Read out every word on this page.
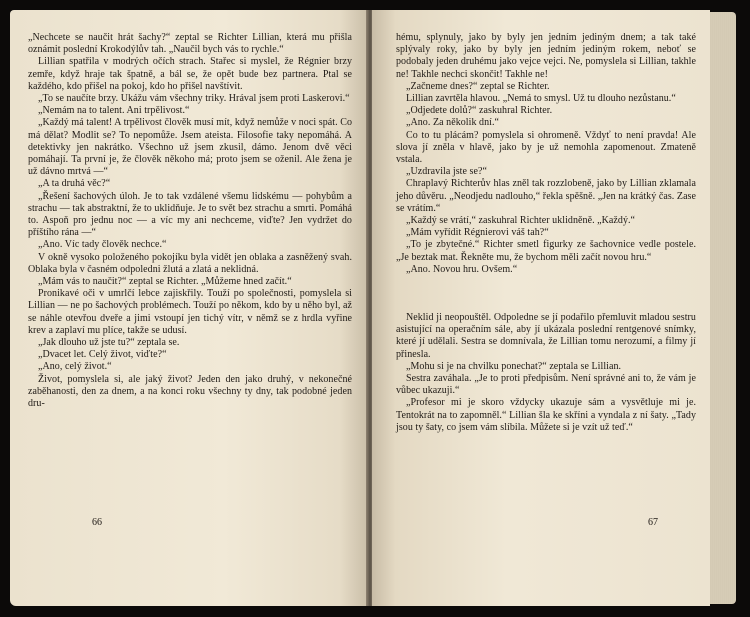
„Nechcete se naučit hrát šachy?“ zeptal se Richter Lillian, která mu přišla oznámit poslední Krokodýlův tah. „Naučil bych vás to rychle.“

Lillian spatřila v modrých očích strach. Stařec si myslel, že Régnier brzy zemře, když hraje tak špatně, a bál se, že opět bude bez partnera. Ptal se každého, kdo přišel na pokoj, kdo ho přišel navštívit.

„To se naučíte brzy. Ukážu vám všechny triky. Hrával jsem proti Laskerovi.“

„Nemám na to talent. Ani trpělivost.“

„Každý má talent! A trpělivost člověk musí mít, když nemůže v noci spát. Co má dělat? Modlit se? To nepomůže. Jsem ateista. Filosofie taky nepomáhá. A detektivky jen nakrátko. Všechno už jsem zkusil, dámo. Jenom dvě věci pomáhají. Ta první je, že člověk někoho má; proto jsem se oženil. Ale žena je už dávno mrtvá —“

„A ta druhá věc?“

„Řešení šachových úloh. Je to tak vzdálené všemu lidskému — pohybům a strachu — tak abstraktní, že to uklidňuje. Je to svět bez strachu a smrti. Pomáhá to. Aspoň pro jednu noc — a víc my ani nechceme, viďte? Jen vydržet do příštího rána —“

„Ano. Víc tady člověk nechce.“

V okně vysoko položeného pokojíku byla vidět jen oblaka a zasněžený svah. Oblaka byla v časném odpoledni žlutá a zlatá a neklidná.

„Mám vás to naučit?“ zeptal se Richter. „Můžeme hned začít.“

Pronikavé oči v umrlčí lebce zajiskřily. Touží po společnosti, pomyslela si Lillian — ne po šachových problémech. Touží po někom, kdo by u něho byl, až se náhle otevřou dveře a jimi vstoupí jen tichý vítr, v němž se z hrdla vyřine krev a zaplaví mu plíce, takže se udusí.

„Jak dlouho už jste tu?“ zeptala se.

„Dvacet let. Celý život, viďte?“

„Ano, celý život.“

Život, pomyslela si, ale jaký život? Jeden den jako druhý, v nekonečné zaběhanosti, den za dnem, a na konci roku všechny ty dny, tak podobné jeden dru-

66

hému, splynuly, jako by byly jen jedním jediným dnem; a tak také splývaly roky, jako by byly jen jedním jediným rokem, neboť se podobaly jeden druhému jako vejce vejci. Ne, pomyslela si Lillian, takhle ne! Takhle nechci skončit! Takhle ne!

„Začneme dnes?“ zeptal se Richter.

Lillian zavrtěla hlavou. „Nemá to smysl. Už tu dlouho nezůstanu.“

„Odjedete dolů?“ zaskuhral Richter.

„Ano. Za několik dní.“

Co to tu plácám? pomyslela si ohromeně. Vždyť to není pravda! Ale slova jí zněla v hlavě, jako by je už nemohla zapomenout. Zmateně vstala.

„Uzdravila jste se?“

Chraplavý Richterův hlas zněl tak rozzlobeně, jako by Lillian zklamala jeho důvěru. „Neodjedu nadlouho,“ řekla spěšně. „Jen na krátký čas. Zase se vrátím.“

„Každý se vrátí,“ zaskuhral Richter uklidněně. „Každý.“

„Mám vyřídit Régnierovi váš tah?“

„To je zbytečné.“ Richter smetl figurky ze šachovnice vedle postele. „Je beztak mat. Řekněte mu, že bychom měli začít novou hru.“

„Ano. Novou hru. Ovšem.“

Neklid ji neopouštěl. Odpoledne se jí podařilo přemluvit mladou sestru asistující na operačním sále, aby jí ukázala poslední rentgenové snímky, které jí udělali. Sestra se domnívala, že Lillian tomu nerozumí, a filmy jí přinesla.

„Mohu si je na chvilku ponechat?“ zeptala se Lillian.

Sestra zaváhala. „Je to proti předpisům. Není správné ani to, že vám je vůbec ukazuji.“

„Profesor mi je skoro vždycky ukazuje sám a vysvětluje mi je. Tentokrát na to zapomněl.“ Lillian šla ke skříni a vyndala z ní šaty. „Tady jsou ty šaty, co jsem vám slíbila. Můžete si je vzít už teď.“

67
